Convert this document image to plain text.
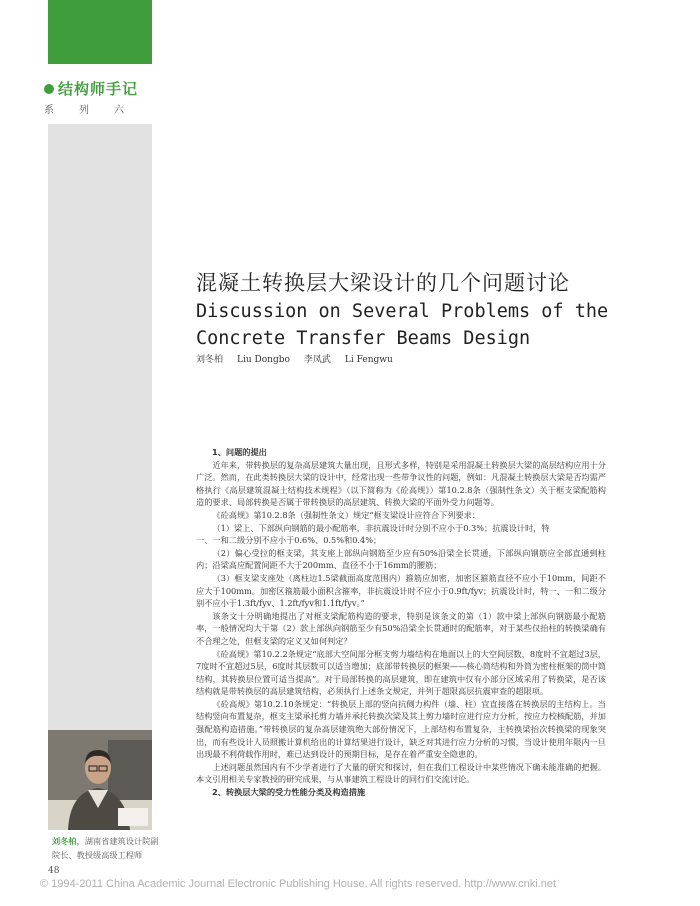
结构师手记
系	列	六
混凝土转换层大梁设计的几个问题讨论
Discussion on Several Problems of the
Concrete Transfer Beams Design
刘冬柏 Liu Dongbo 李凤武 Li Fengwu

1、问题的提出

近年来，带转换层的复杂高层建筑大量出现，且形式多样，特别是采用混凝土转换层大梁的高层结构应用十分广泛。然而，在此类转换层大梁的设计中，经常出现一些带争议性的问题，例如：凡混凝土转换层大梁是否均需严格执行《高层建筑混凝土结构技术规程》（以下简称为《砼高规》）第10.2.8条（强制性条文）关于框支梁配筋构造的要求、局部转换是否属于带转换层的高层建筑、转换大梁的平面外受力问题等。

《砼高规》第10.2.8条（强制性条文）规定“框支梁设计应符合下列要求：

（1）梁上、下部纵向钢筋的最小配筋率，非抗震设计时分别不应小于0.3%；抗震设计时，特

一、一和二级分别不应小于0.6%、0.5%和0.4%；

（2）偏心受拉的框支梁，其支座上部纵向钢筋至少应有50%沿梁全长贯通，下部纵向钢筋应全部直通到柱内；沿梁高应配置间距不大于200mm、直径不小于16mm的腰筋；

（3）框支梁支座处（离柱边1.5梁截面高度范围内）箍筋应加密，加密区箍筋直径不应小于10mm，间距不应大于100mm。加密区箍筋最小面积含箍率，非抗震设计时不应小于0.9ft/fyv；抗震设计时，特一、一和二级分别不应小于1.3ft/fyv、1.2ft/fyv和1.1ft/fyv。”

该条文十分明确地提出了对框支梁配筋构造的要求，特别是该条文的第（1）款中梁上部纵向钢筋最小配筋率，一般情况均大于第（2）款上部纵向钢筋至少有50%沿梁全长贯通时的配筋率，对于某些仅抬柱的转换梁确有不合理之处，但框支梁的定义又如何判定？

《砼高规》第10.2.2条规定“底部大空间部分框支剪力墙结构在地面以上的大空间层数，8度时不宜超过3层，7度时不宜超过5层，6度时其层数可以适当增加；底部带转换层的框架——核心筒结构和外筒为密柱框架的筒中筒结构，其转换层位置可适当提高”。对于局部转换的高层建筑，即在建筑中仅有小部分区域采用了转换梁，是否该结构就是带转换层的高层建筑结构，必须执行上述条文规定，并列于超限高层抗震审查的超限项。

《砼高规》第10.2.10条规定：“转换层上部的竖向抗侧力构件（墙、柱）宜直接落在转换层的主结构上。当结构竖向布置复杂，框支主梁承托剪力墙并承托转换次梁及其上剪力墙时应进行应力分析，按应力校核配筋，并加强配筋构造措施。”带转换层的复杂高层建筑绝大部份情况下，上部结构布置复杂，主转换梁抬次转换梁的现象突出，而有些设计人员照搬计算机给出的计算结果进行设计，缺乏对其进行应力分析的习惯，当设计使用年限内一旦出现最不利荷载作用时，难已达到设计的预期目标，是存在着严重安全隐患的。

上述问题虽然国内有不少学者进行了大量的研究和探讨，但在我们工程设计中某些情况下确未能准确的把握。本文引用相关专家教授的研究成果，与从事建筑工程设计的同行们交流讨论。

2、转换层大梁的受力性能分类及构造措施

刘冬柏，湖南省建筑设计院副院长、教授级高级工程师
48
© 1994-2011 China Academic Journal Electronic Publishing House. All rights reserved. http://www.cnki.net
